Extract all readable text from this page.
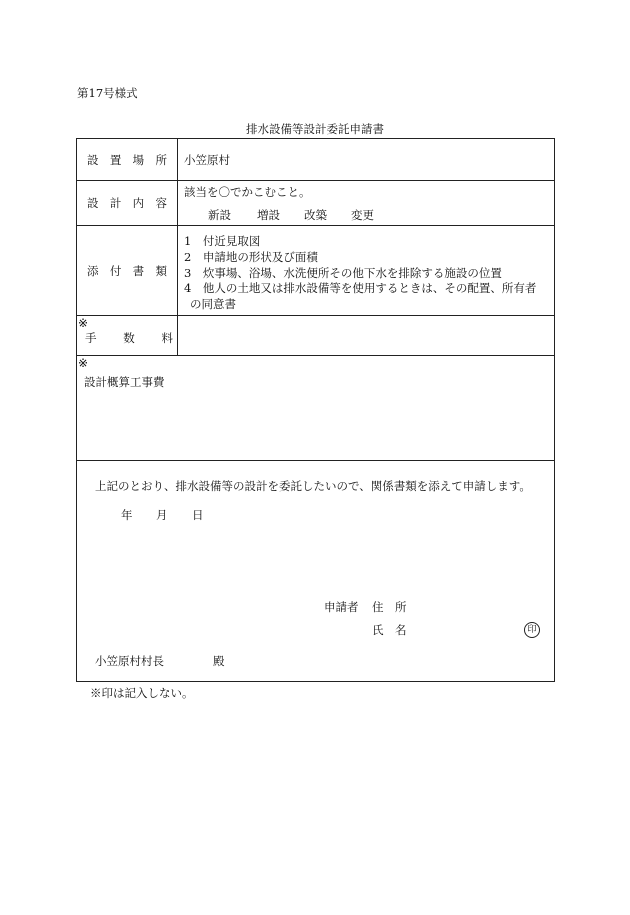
第17号様式
排水設備等設計委託申請書
設 置 場 所 小笠原村
設 計 内 容
該当を〇でかこむこと。
新設 増設 改築 変更
添 付 書 類
1　付近見取図
2　申請地の形状及び面積
3　炊事場、浴場、水洗便所その他下水を排除する施設の位置
4　他人の土地又は排水設備等を使用するときは、その配置、所有者
の同意書
※
手 数 料
※
設計概算工事費
上記のとおり、排水設備等の設計を委託したいので、関係書類を添えて申請します。
年 月 日
申請者 住　所
氏　名	印
小笠原村村長	殿
※印は記入しない。
